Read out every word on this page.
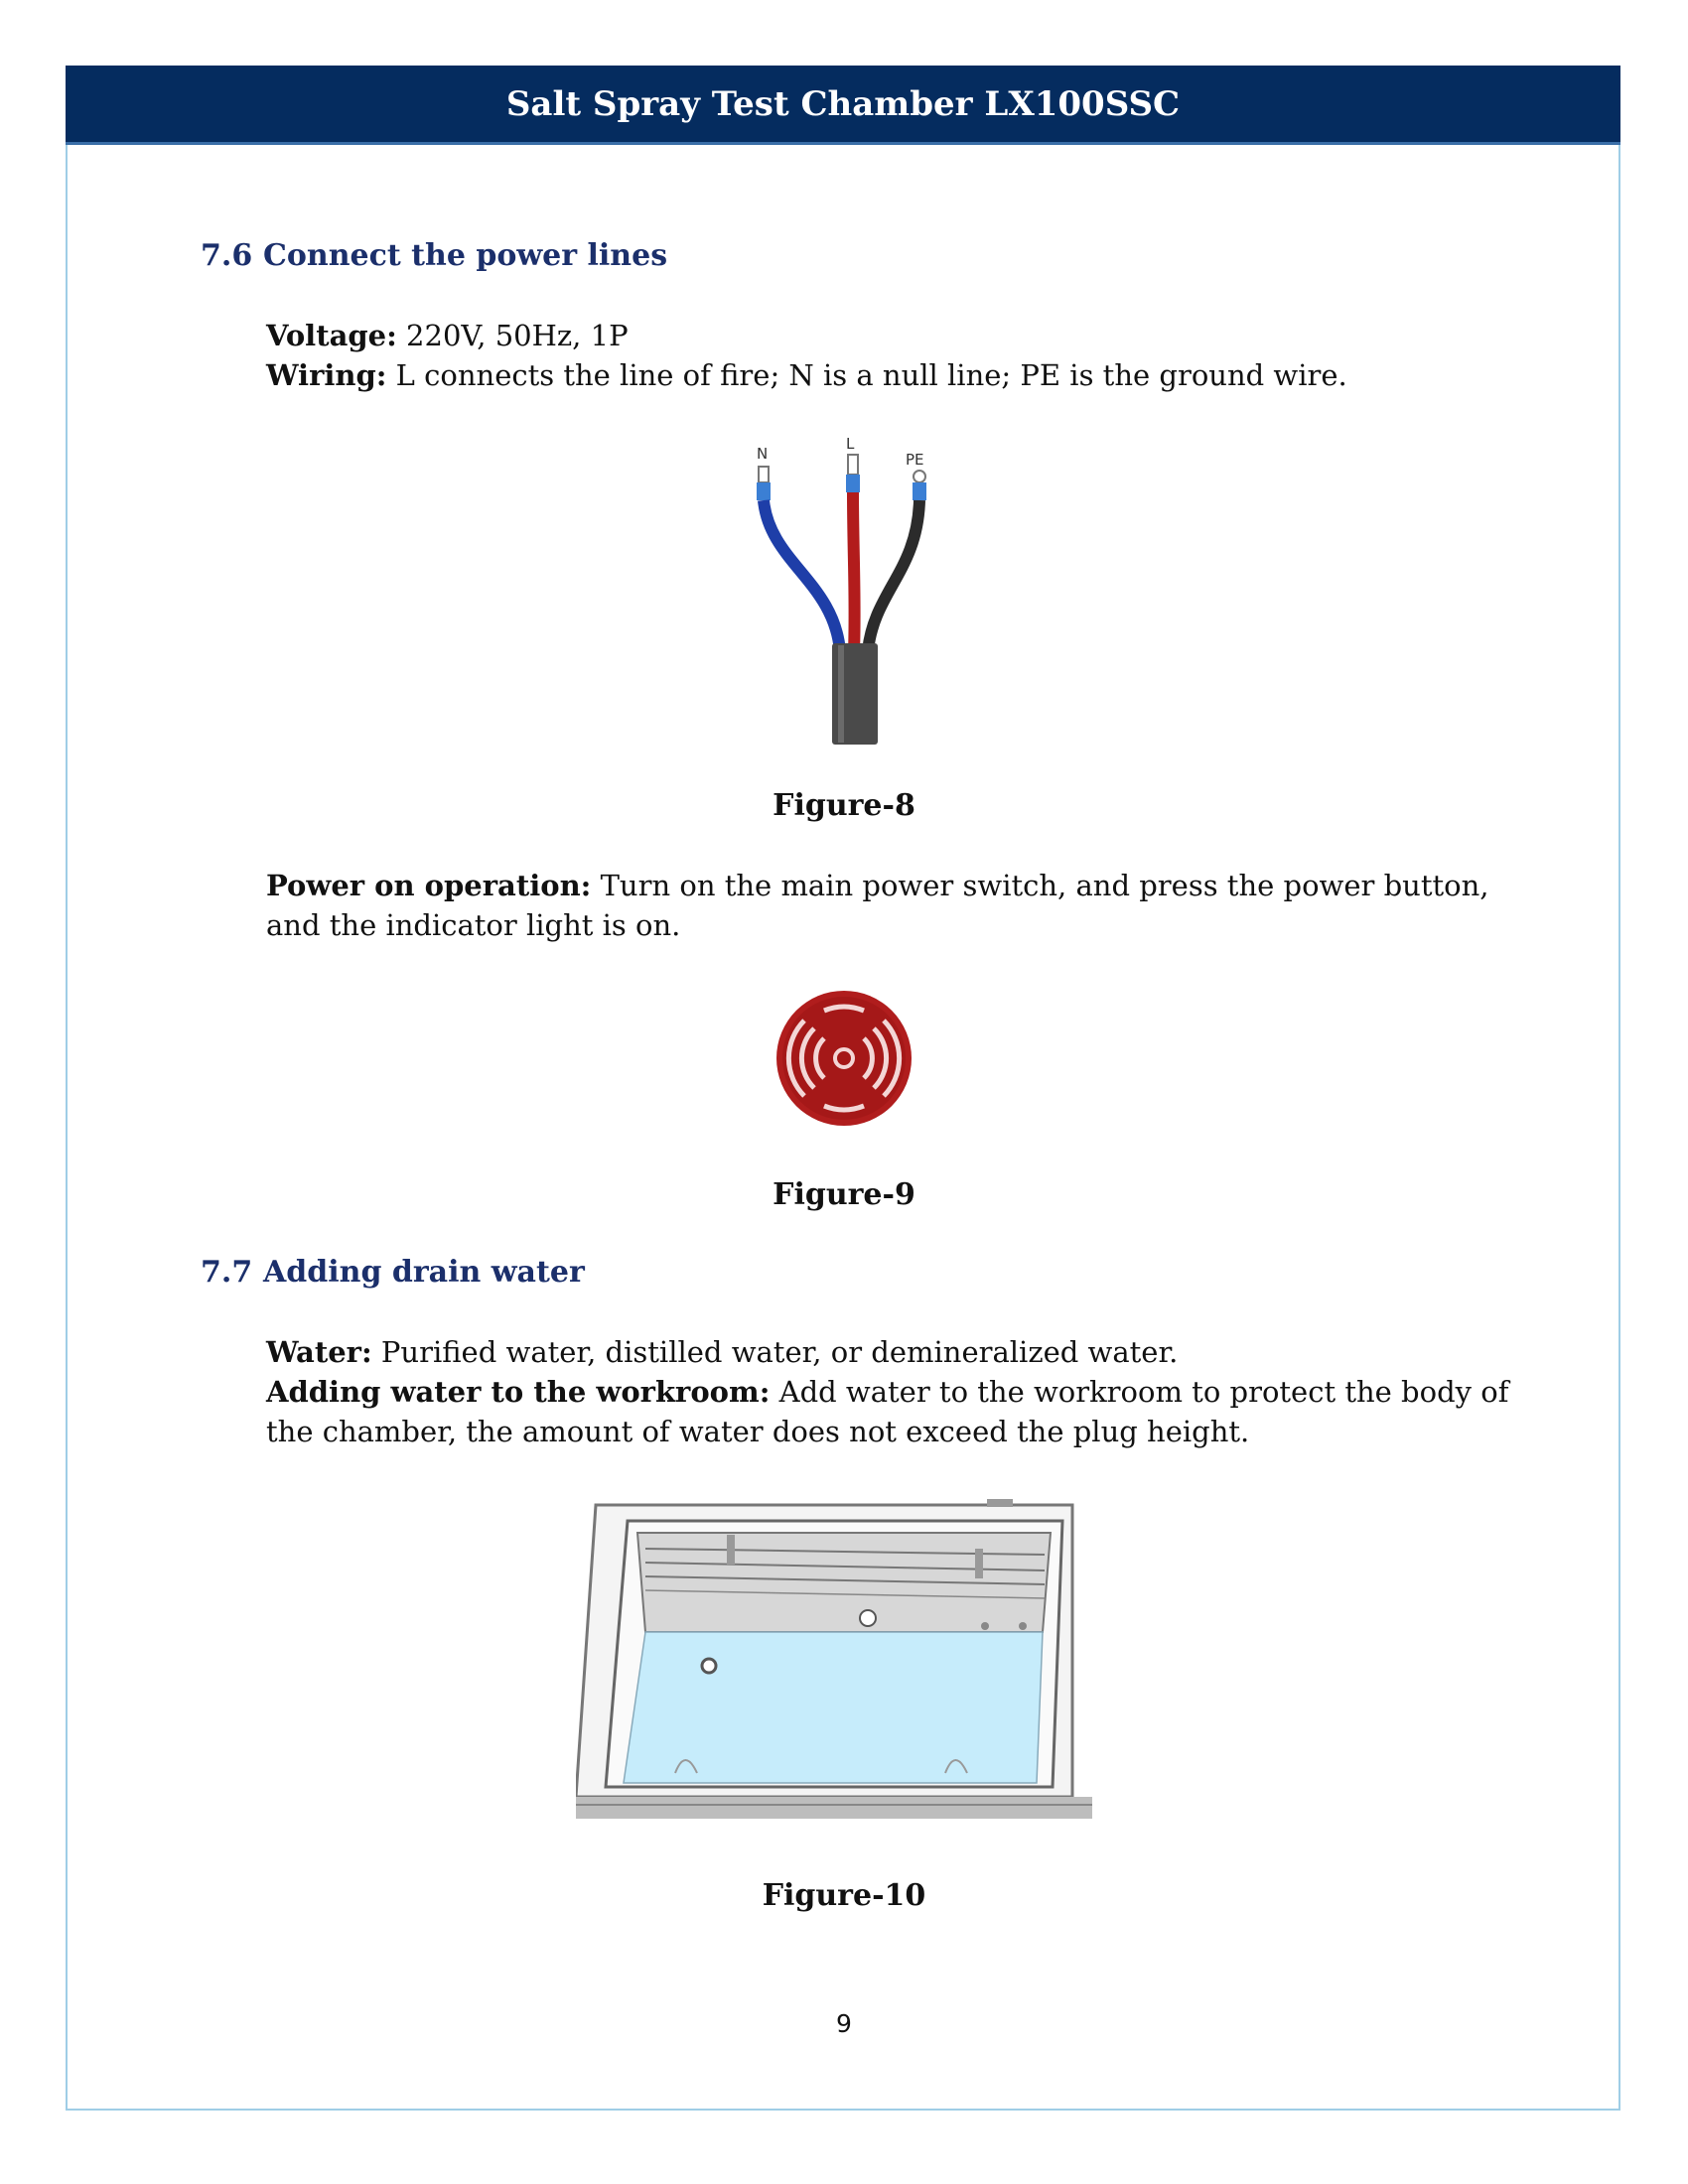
Salt Spray Test Chamber LX100SSC
7.6 Connect the power lines
Voltage: 220V, 50Hz, 1P
Wiring: L connects the line of fire; N is a null line; PE is the ground wire.
N
L
PE
Figure-8
Power on operation: Turn on the main power switch, and press the power button, and the indicator light is on.
Figure-9
7.7 Adding drain water
Water: Purified water, distilled water, or demineralized water.
Adding water to the workroom: Add water to the workroom to protect the body of the chamber, the amount of water does not exceed the plug height.
Figure-10
9
